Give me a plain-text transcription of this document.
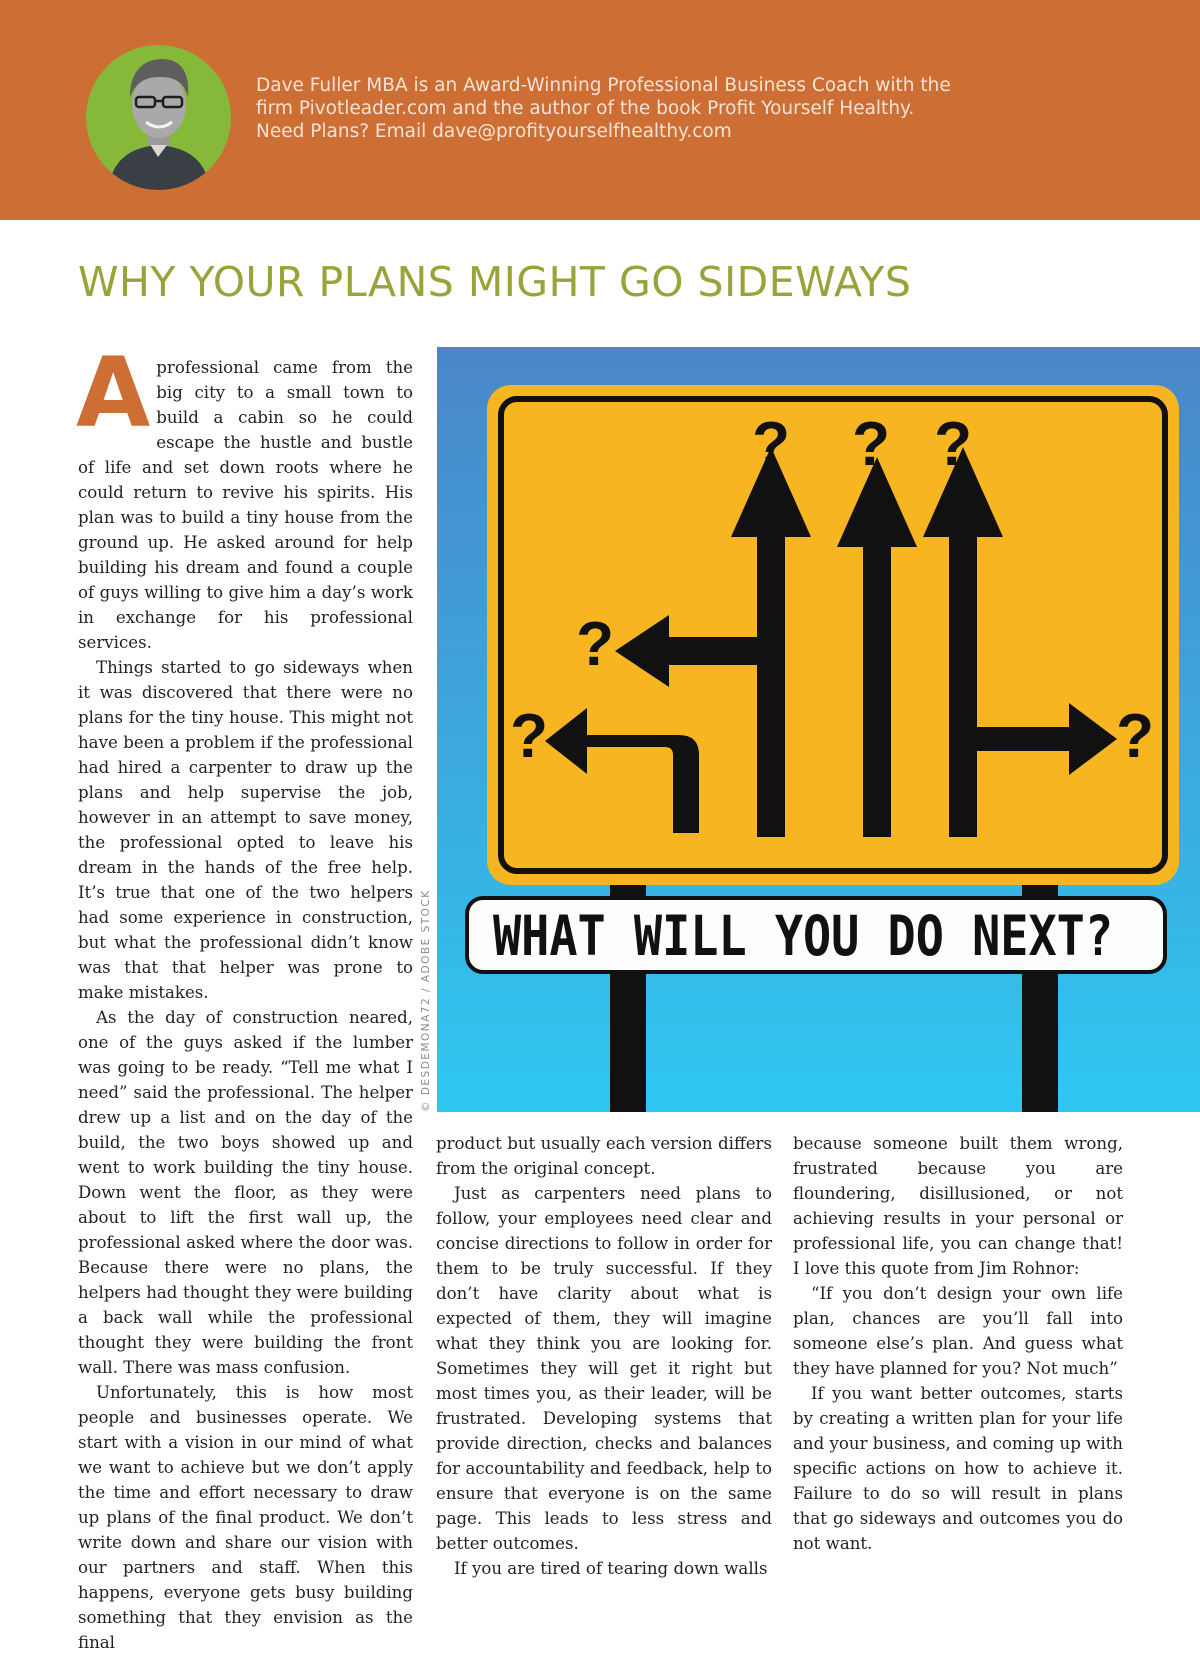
Dave Fuller MBA is an Award-Winning Professional Business Coach with the
firm Pivotleader.com and the author of the book Profit Yourself Healthy.
Need Plans? Email dave@profityourselfhealthy.com
WHY YOUR PLANS MIGHT GO SIDEWAYS

Aprofessional came from the big city to a small town to build a cabin so he could escape the hustle and bustle of life and set down roots where he could return to revive his spirits. His plan was to build a tiny house from the ground up. He asked around for help building his dream and found a couple of guys willing to give him a day’s work in exchange for his professional services.

Things started to go sideways when it was discovered that there were no plans for the tiny house. This might not have been a problem if the professional had hired a carpenter to draw up the plans and help supervise the job, however in an attempt to save money, the professional opted to leave his dream in the hands of the free help. It’s true that one of the two helpers had some experience in construction, but what the professional didn’t know was that that helper was prone to make mistakes.

As the day of construction neared, one of the guys asked if the lumber was going to be ready. “Tell me what I need” said the professional. The helper drew up a list and on the day of the build, the two boys showed up and went to work building the tiny house. Down went the floor, as they were about to lift the first wall up, the professional asked where the door was. Because there were no plans, the helpers had thought they were building a back wall while the professional thought they were building the front wall. There was mass confusion.

Unfortunately, this is how most people and businesses operate. We start with a vision in our mind of what we want to achieve but we don’t apply the time and effort necessary to draw up plans of the final product. We don’t write down and share our vision with our partners and staff. When this happens, everyone gets busy building something that they envision as the final

? ? ?
?
?	?
WHAT WILL YOU DO NEXT?
© DESDEMONA72 / ADOBE STOCK

product but usually each version differs from the original concept.

Just as carpenters need plans to follow, your employees need clear and concise directions to follow in order for them to be truly successful. If they don’t have clarity about what is expected of them, they will imagine what they think you are looking for. Sometimes they will get it right but most times you, as their leader, will be frustrated. Developing systems that provide direction, checks and balances for accountability and feedback, help to ensure that everyone is on the same page. This leads to less stress and better outcomes.

If you are tired of tearing down walls

because someone built them wrong, frustrated because you are floundering, disillusioned, or not achieving results in your personal or professional life, you can change that! I love this quote from Jim Rohnor:

“If you don’t design your own life plan, chances are you’ll fall into someone else’s plan. And guess what they have planned for you? Not much”

If you want better outcomes, starts by creating a written plan for your life and your business, and coming up with specific actions on how to achieve it. Failure to do so will result in plans that go sideways and outcomes you do not want.
